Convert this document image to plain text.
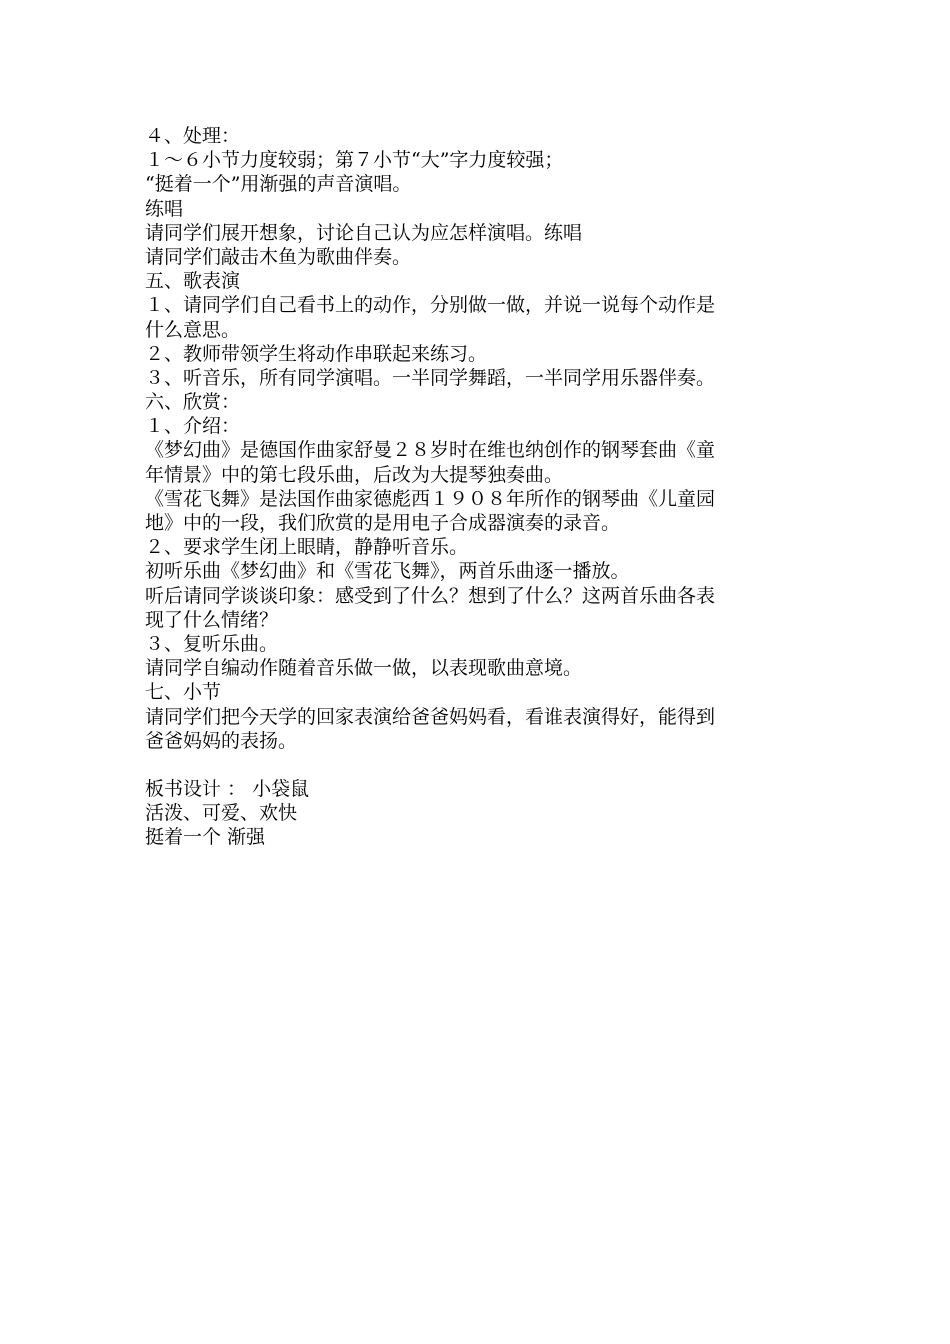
４、处理：
１～６小节力度较弱；第７小节“大”字力度较强；
“挺着一个”用渐强的声音演唱。
练唱
请同学们展开想象，讨论自己认为应怎样演唱。练唱
请同学们敲击木鱼为歌曲伴奏。
五、歌表演
１、请同学们自己看书上的动作，分别做一做，并说一说每个动作是
什么意思。
２、教师带领学生将动作串联起来练习。
３、听音乐，所有同学演唱。一半同学舞蹈，一半同学用乐器伴奏。
六、欣赏：
１、介绍：
《梦幻曲》是德国作曲家舒曼２８岁时在维也纳创作的钢琴套曲《童
年情景》中的第七段乐曲，后改为大提琴独奏曲。
《雪花飞舞》是法国作曲家德彪西１９０８年所作的钢琴曲《儿童园
地》中的一段，我们欣赏的是用电子合成器演奏的录音。
２、要求学生闭上眼睛，静静听音乐。
初听乐曲《梦幻曲》和《雪花飞舞》，两首乐曲逐一播放。
听后请同学谈谈印象：感受到了什么？想到了什么？这两首乐曲各表
现了什么情绪？
３、复听乐曲。
请同学自编动作随着音乐做一做，以表现歌曲意境。
七、小节
请同学们把今天学的回家表演给爸爸妈妈看，看谁表演得好，能得到
爸爸妈妈的表扬。
板书设计 ： 小袋鼠
活泼、可爱、欢快
挺着一个 渐强
